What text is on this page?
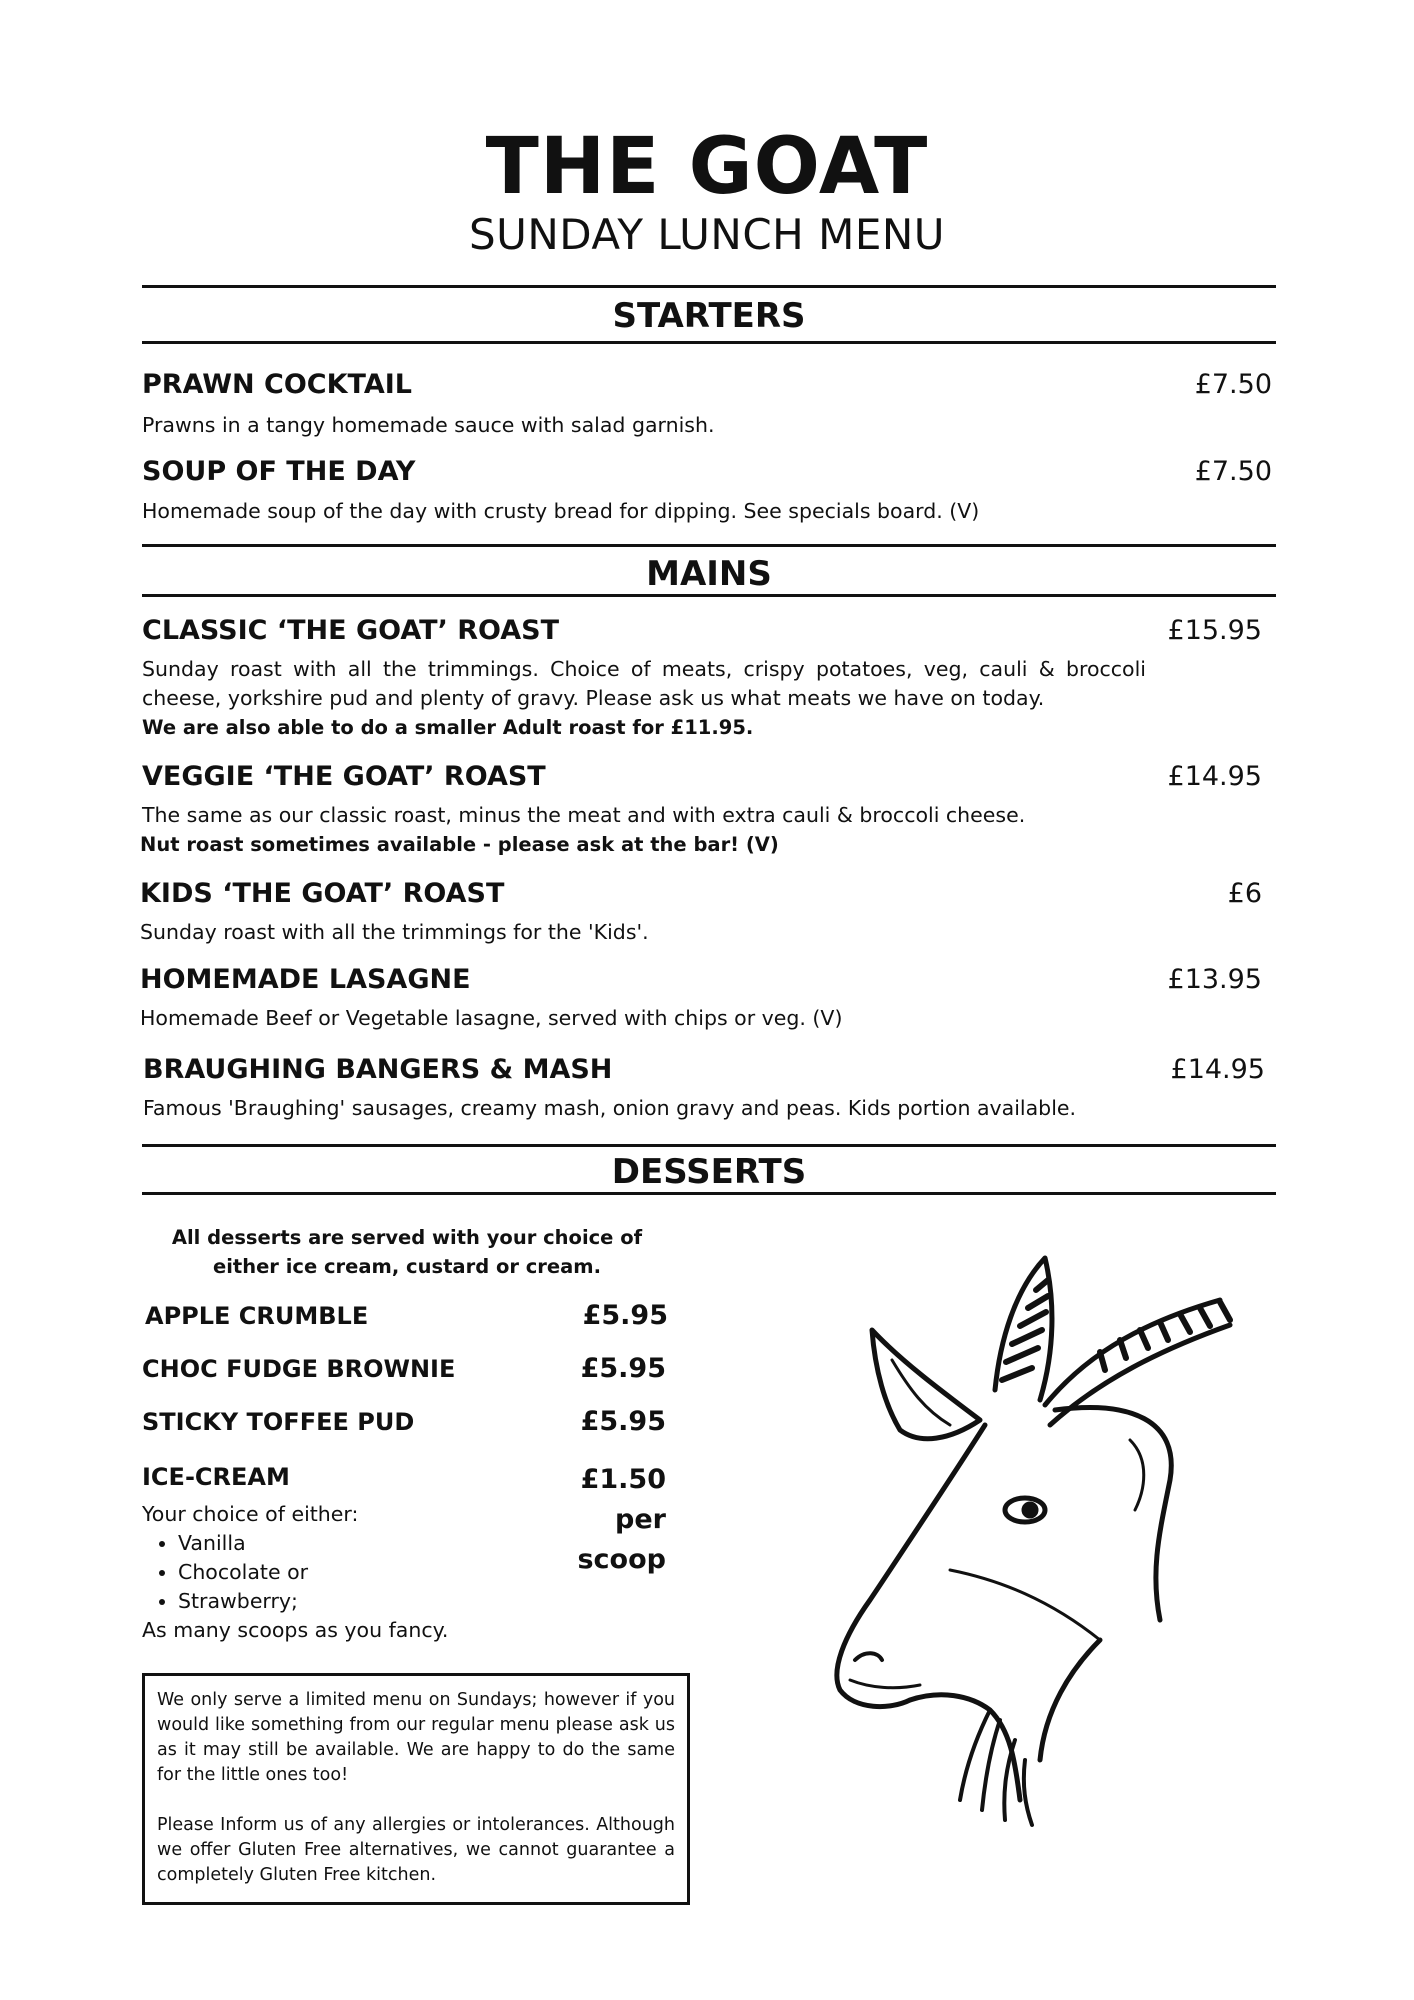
THE GOAT
SUNDAY LUNCH MENU
STARTERS
PRAWN COCKTAIL	£7.50
Prawns in a tangy homemade sauce with salad garnish.
SOUP OF THE DAY	£7.50
Homemade soup of the day with crusty bread for dipping. See specials board. (V)
MAINS
CLASSIC ‘THE GOAT’ ROAST	£15.95
Sunday roast with all the trimmings. Choice of meats, crispy potatoes, veg, cauli & broccoli cheese, yorkshire pud and plenty of gravy. Please ask us what meats we have on today.
We are also able to do a smaller Adult roast for £11.95.
VEGGIE ‘THE GOAT’ ROAST	£14.95
The same as our classic roast, minus the meat and with extra cauli & broccoli cheese.
Nut roast sometimes available - please ask at the bar! (V)
KIDS ‘THE GOAT’ ROAST	£6
Sunday roast with all the trimmings for the 'Kids'.
HOMEMADE LASAGNE	£13.95
Homemade Beef or Vegetable lasagne, served with chips or veg. (V)
BRAUGHING BANGERS & MASH	£14.95
Famous 'Braughing' sausages, creamy mash, onion gravy and peas. Kids portion available.
DESSERTS
All desserts are served with your choice of
either ice cream, custard or cream.
APPLE CRUMBLE	£5.95
CHOC FUDGE BROWNIE	£5.95
STICKY TOFFEE PUD	£5.95
ICE-CREAM	£1.50
per
scoop
Your choice of either:
• Vanilla
• Chocolate or
• Strawberry;
As many scoops as you fancy.

We only serve a limited menu on Sundays; however if you would like something from our regular menu please ask us as it may still be available. We are happy to do the same for the little ones too!

Please Inform us of any allergies or intolerances. Although we offer Gluten Free alternatives, we cannot guarantee a completely Gluten Free kitchen.
